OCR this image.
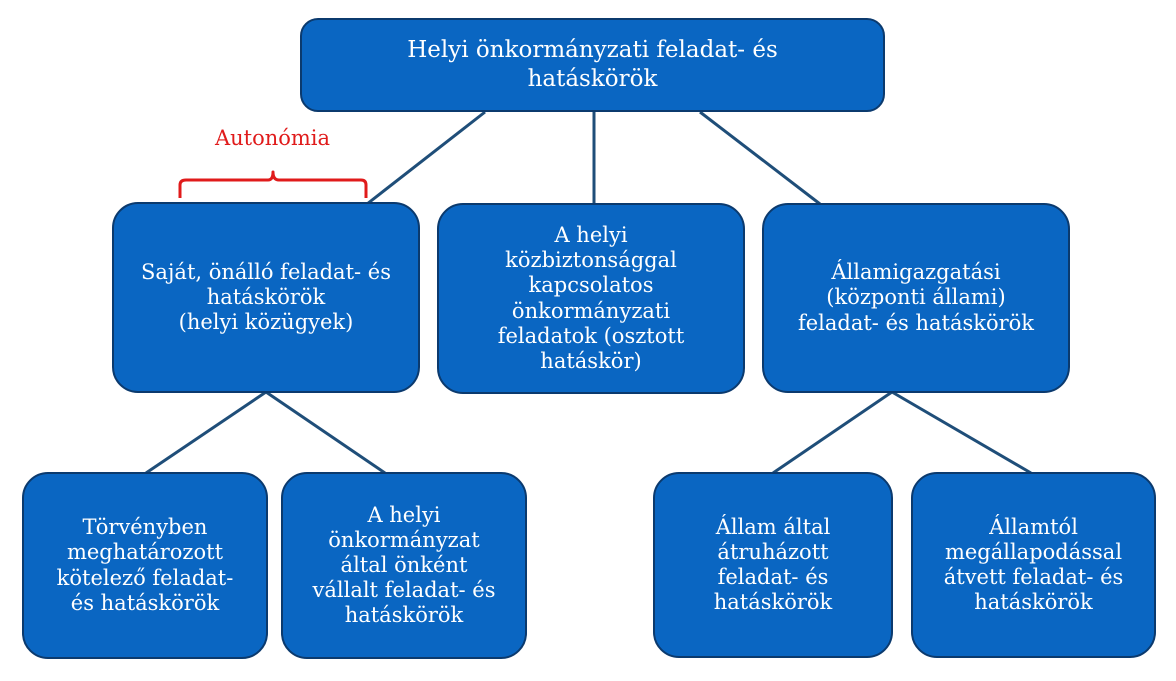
Autonómia
Helyi önkormányzati feladat- és
hatáskörök
Saját, önálló feladat- és
hatáskörök
(helyi közügyek)
A helyi
közbiztonsággal
kapcsolatos
önkormányzati
feladatok (osztott
hatáskör)
Államigazgatási
(központi állami)
feladat- és hatáskörök
Törvényben
meghatározott
kötelező feladat-
és hatáskörök
A helyi
önkormányzat
által önként
vállalt feladat- és
hatáskörök
Állam által
átruházott
feladat- és
hatáskörök
Államtól
megállapodással
átvett feladat- és
hatáskörök
